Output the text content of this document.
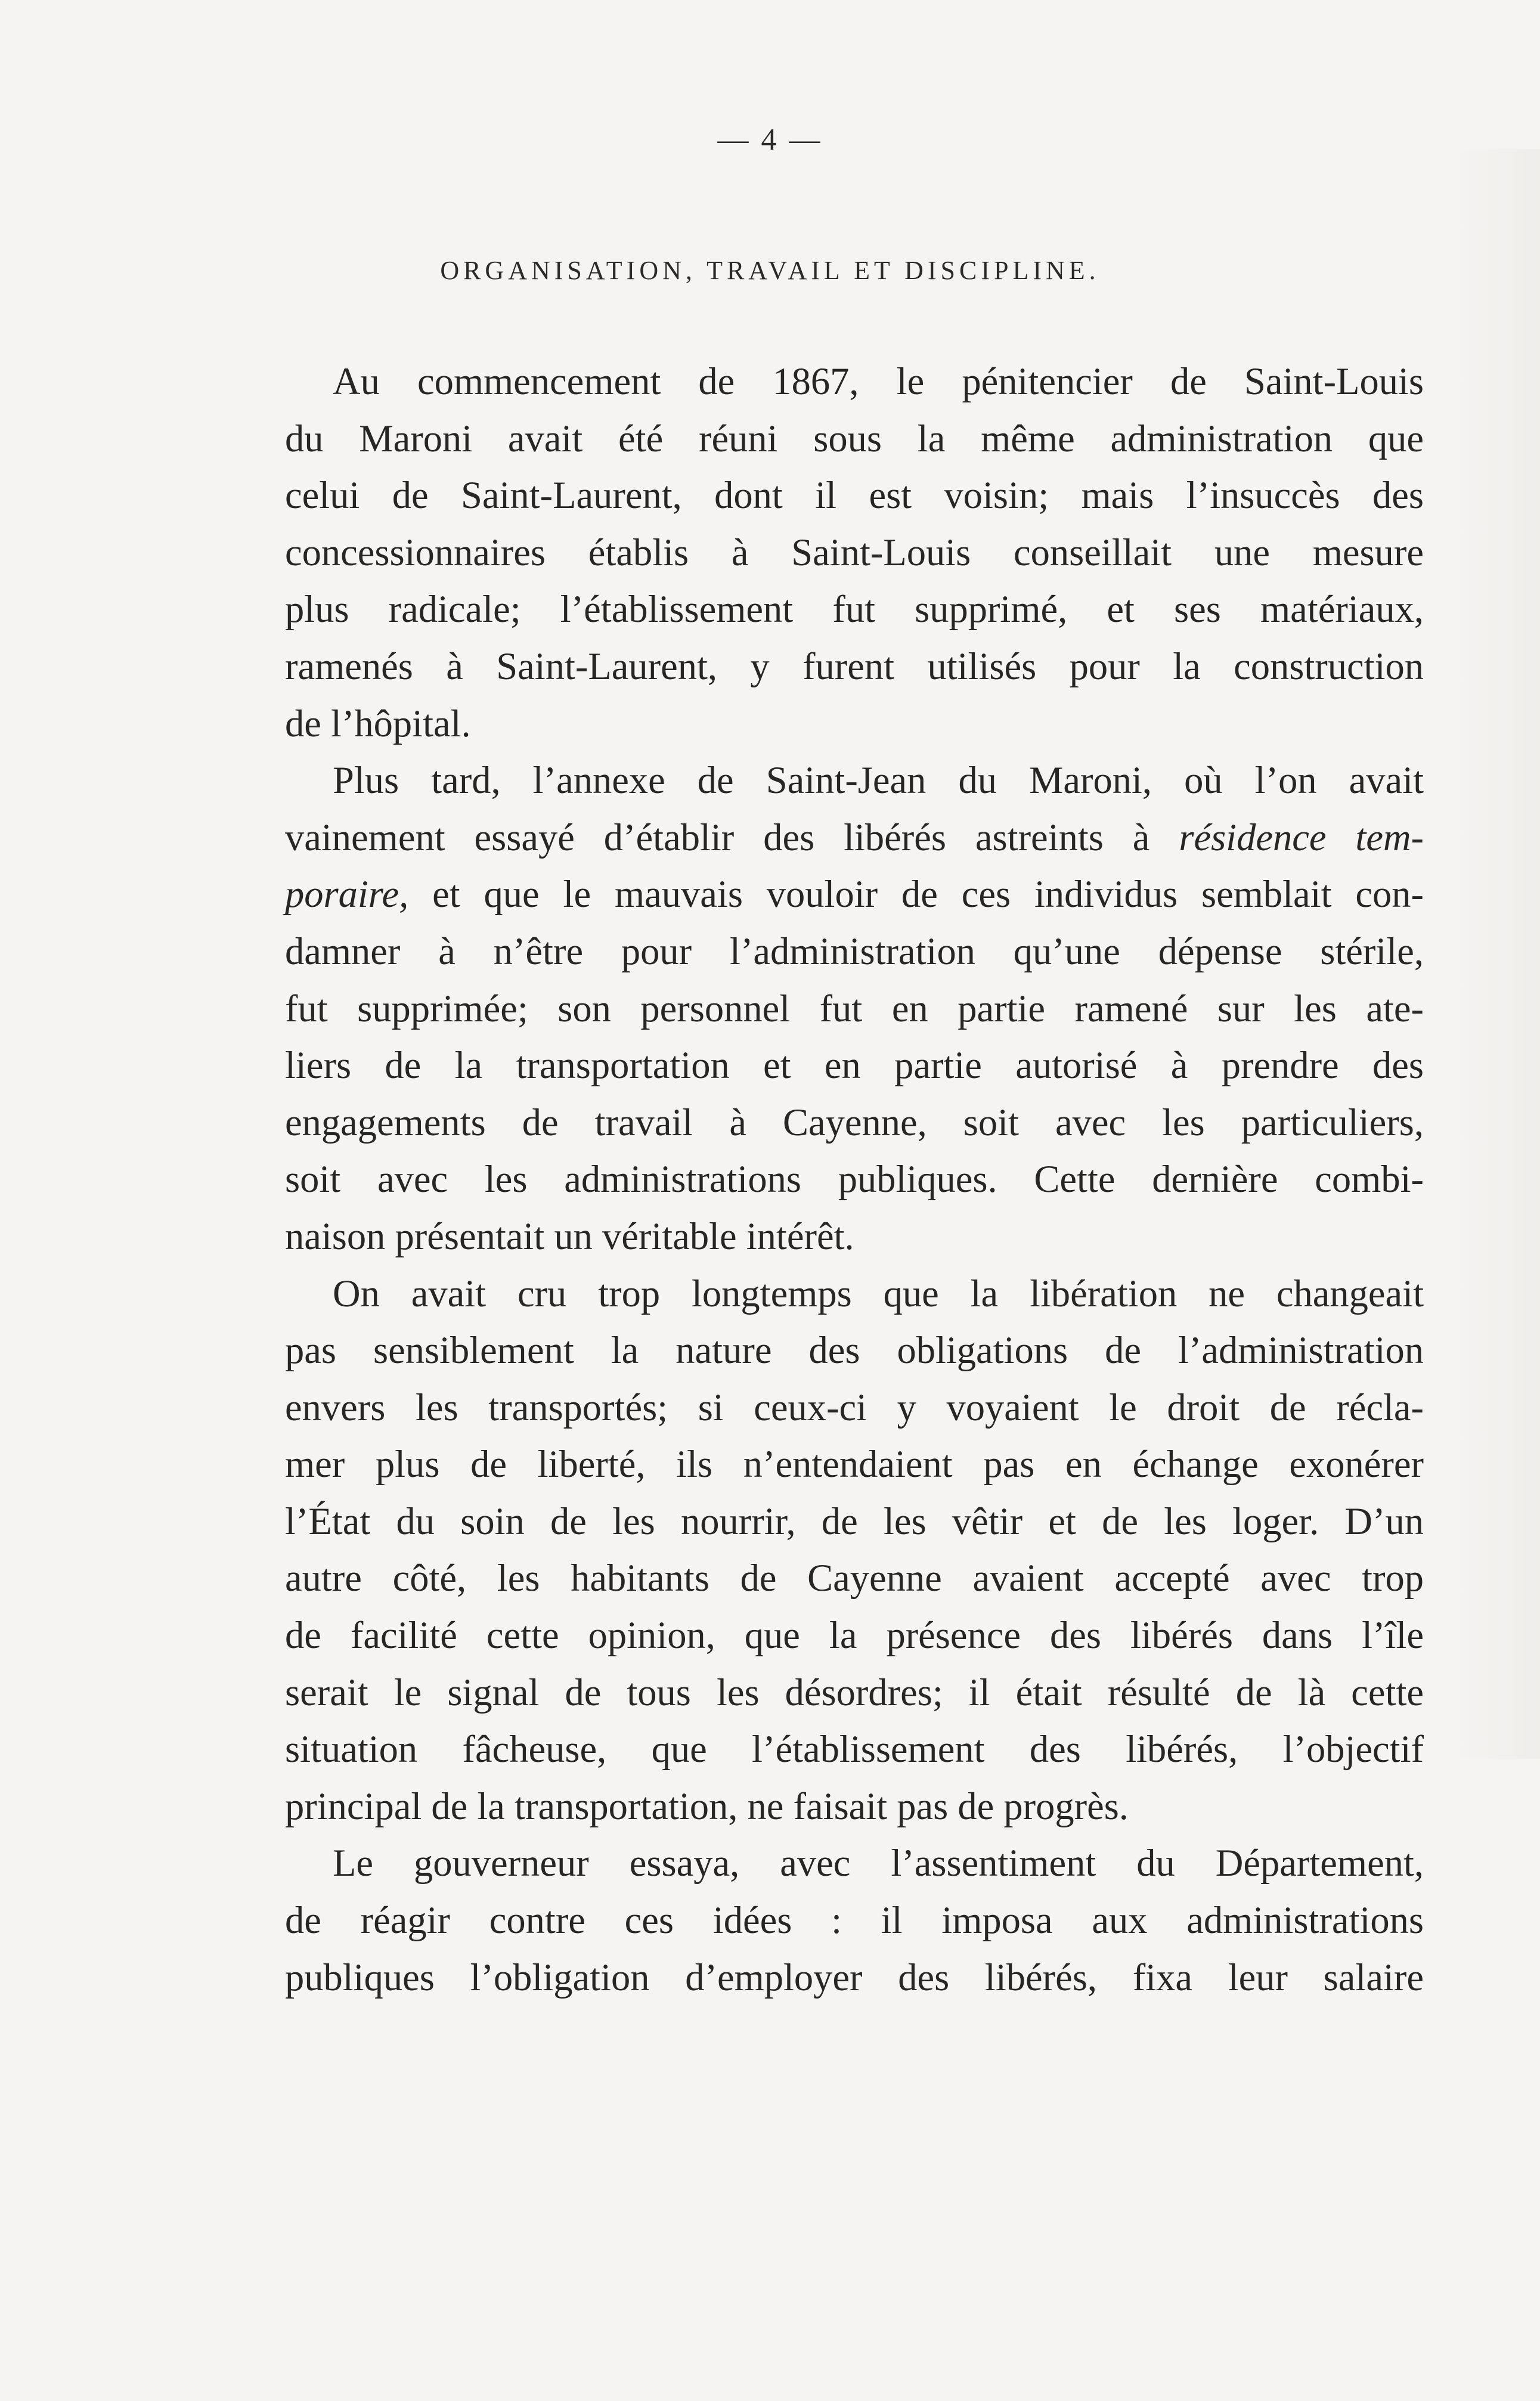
— 4 —
ORGANISATION, TRAVAIL ET DISCIPLINE.
Au commencement de 1867, le pénitencier de Saint-Louis
du Maroni avait été réuni sous la même administration que
celui de Saint-Laurent, dont il est voisin; mais l’insuccès des
concessionnaires établis à Saint-Louis conseillait une mesure
plus radicale; l’établissement fut supprimé, et ses matériaux,
ramenés à Saint-Laurent, y furent utilisés pour la construction
de l’hôpital.
Plus tard, l’annexe de Saint-Jean du Maroni, où l’on avait
vainement essayé d’établir des libérés astreints à résidence tem-
poraire, et que le mauvais vouloir de ces individus semblait con-
damner à n’être pour l’administration qu’une dépense stérile,
fut supprimée; son personnel fut en partie ramené sur les ate-
liers de la transportation et en partie autorisé à prendre des
engagements de travail à Cayenne, soit avec les particuliers,
soit avec les administrations publiques. Cette dernière combi-
naison présentait un véritable intérêt.
On avait cru trop longtemps que la libération ne changeait
pas sensiblement la nature des obligations de l’administration
envers les transportés; si ceux-ci y voyaient le droit de récla-
mer plus de liberté, ils n’entendaient pas en échange exonérer
l’État du soin de les nourrir, de les vêtir et de les loger. D’un
autre côté, les habitants de Cayenne avaient accepté avec trop
de facilité cette opinion, que la présence des libérés dans l’île
serait le signal de tous les désordres; il était résulté de là cette
situation fâcheuse, que l’établissement des libérés, l’objectif
principal de la transportation, ne faisait pas de progrès.
Le gouverneur essaya, avec l’assentiment du Département,
de réagir contre ces idées : il imposa aux administrations
publiques l’obligation d’employer des libérés, fixa leur salaire
